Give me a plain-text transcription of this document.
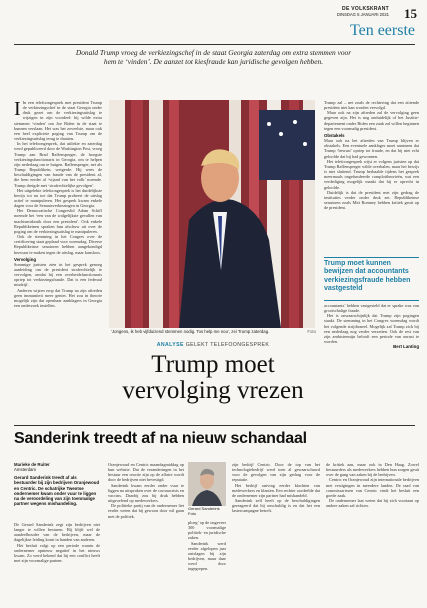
DE VOLKSKRANT
DINSDAG 5 JANUARI 2021 15
Ten eerste
Donald Trump vroeg de verkiezingschef in de staat Georgia zaterdag om extra stemmen voor hem te ‘vinden’. De aanzet tot kiesfraude kan juridische gevolgen hebben.
I In een telefoongesprek met president Trump de verkiezingschef in de staat Georgia onder druk gezet om de verkiezingsuitslag te wijzigen in zijn voordeel: hij wilde extra stemmen ‘vinden’ om Joe Biden in de staat te kunnen verslaan. Het was het zoveelste, maar ook een heel expliciete poging van Trump om de verkiezingsuitslag terug te draaien.

In het telefoongesprek, dat uitlekte en zaterdag werd gepubliceerd door de Washington Post, vroeg Trump aan Brad Raffensperger, de hoogste verkiezingsfunctionaris in Georgia, om te helpen zijn nederlaag om te buigen. Raffensperger, net als Trump Republikein, weigerde. Hij wees de beschuldigingen van fraude van de president af, die hem eerder al ‘vijand van het volk’ noemde. Trump dreigde met ‘strafrechtelijke gevolgen’.

Het uitgelekte telefoongesprek is het duidelijkste bewijs tot nu toe dat Trump probeert de uitslag actief te manipuleren. Het gesprek kwam enkele dagen voor de Senaatsverkiezingen in Georgia.

Het Democratische Congreslid Adam Schiff noemde het ‘een van de walgelijkste gevallen van machtsmisbruik door een president’. Ook enkele Republikeinen spraken hun afschuw uit over de poging om de verkiezingsuitslag te manipuleren.

Ook de stemming in het Congres over de certificering staat gepland voor woensdag. Diverse Republikeinse senatoren hebben aangekondigd bezwaar te maken tegen de uitslag, maar kansloos.

Vervolging

Sommige juristen zien in het gesprek genoeg aanleiding om de president strafrechtelijk te vervolgen, omdat hij een overheidsfunctionaris opriep tot verkiezingsfraude. Dat is een federaal misdrijf.

Anderen wijzen erop dat Trump na zijn aftreden geen immuniteit meer geniet. Het zou in theorie mogelijk zijn dat openbaar aanklagers in Georgia een onderzoek instellen.

‘Jongens, ik heb vijfduizend stemmen nodig. Tos help me nou’, zei Trump zaterdag.	Foto

Trump zal – net zoals de rechtering dat een zittende president niet kan worden vervolgd.

Maar ook na zijn aftreden zal de vervolging geen gegeven zijn. Het is nog onduidelijk of het Justitie-departement onder Biden een zaak zal willen beginnen tegen een voormalig president.

Obstakels

Maar ook na het aftreden van Trump blijven er obstakels. Een eventuele aanklager moet aantonen dat Trump ‘bewust’ opriep tot fraude, en dat hij niet echt geloofde dat hij had gewonnen.

Het telefoongesprek wijst er volgens juristen op dat Trump Raffensperger wilde overhalen, maar het bewijs is niet sluitend. Trump herhaalde tijdens het gesprek meermaals ongefundeerde complottheorieën, wat een verdediging mogelijk maakt dat hij er oprecht in geloofde.

Duidelijk is dat de president met zijn gedrag de instituties verder onder druk zet. Republikeinse senatoren zoals Mitt Romney hebben kritiek geuit op de president.

Trump moet kunnen bewijzen dat accountants verkiezingsfraude hebben vastgesteld

accountants’ hebben vastgesteld dat er sprake was van grootschalige fraude.

Het is onwaarschijnlijk dat Trump zijn pogingen staakt. De stemming in het Congres woensdag wordt het volgende strijdtoneel. Mogelijk zal Trump zich bij een nederlaag nog verder verzetten. Ook de rest van zijn ambtstermijn belooft een periode van onrust te worden.

Bert Lanting

ANALYSE GELEKT TELEFOONGESPREK
Trump moet vervolging vrezen
Sanderink treedt af na nieuw schandaal
Marieke de Ruiter
Amsterdam
Gerard Sanderink treedt af als bestuurder bij zijn bedrijven Oranjewoud en Centric. De schatrijke Twentse ondernemer kwam onder vuur te liggen na de veroordeling van zijn toenmalige partner wegens mishandeling.

De Gerard Sanderink zegt zijn bedrijven niet langer te willen besturen. Hij blijft wel de aandeelhouder van de bedrijven, maar de dagelijkse leiding komt in handen van anderen.

Het besluit volgt op een periode waarin de ondernemer opnieuw negatief in het nieuws kwam. Zo werd bekend dat hij een conflict heeft met zijn voormalige partner.

Oranjewoud en Centric maandagmiddag op hun website. Dat de veranderingen in het bestuur een reactie zijn op de affaire wordt door de bedrijven niet bevestigd.

Sanderink kwam eerder onder vuur te liggen na uitspraken over de coronacrisis en vaccins. Daarbij zou hij druk hebben uitgeoefend op medewerkers.

De politieke partij van de ondernemer liet eerder weten dat hij gewoon door wil gaan met de politiek.

Gerard Sanderink Foto

ploeg’ op de ongeveer 300 voormalige politiek- en juridische zaken.

Sanderink werd eerder afgelopen jaar ontslagen bij zijn bedrijven, maar daar werd door ingegrepen.

zijn bedrijf Centric. Door de top van het technologiebedrijf werd toen al gewaarschuwd voor de gevolgen van zijn gedrag voor de reputatie.

Het bedrijf ontving eerder klachten van medewerkers en klanten. Een rechter oordeelde dat de ondernemer zijn partner had mishandeld.

Sanderink zelf heeft op de beschuldigingen gereageerd dat hij onschuldig is en dat het een lastercampagne betreft.

de kritiek aan, maar ook in Den Haag. Zowel bestuurders als medewerkers hebben hun zorgen geuit over de gang van zaken bij de bedrijven.

Centric en Oranjewoud zijn internationale bedrijven met vestigingen in meerdere landen. De raad van commissarissen van Centric vindt het besluit een goede zaak.

De ondernemer laat weten dat hij zich voortaan op andere zaken zal richten.
